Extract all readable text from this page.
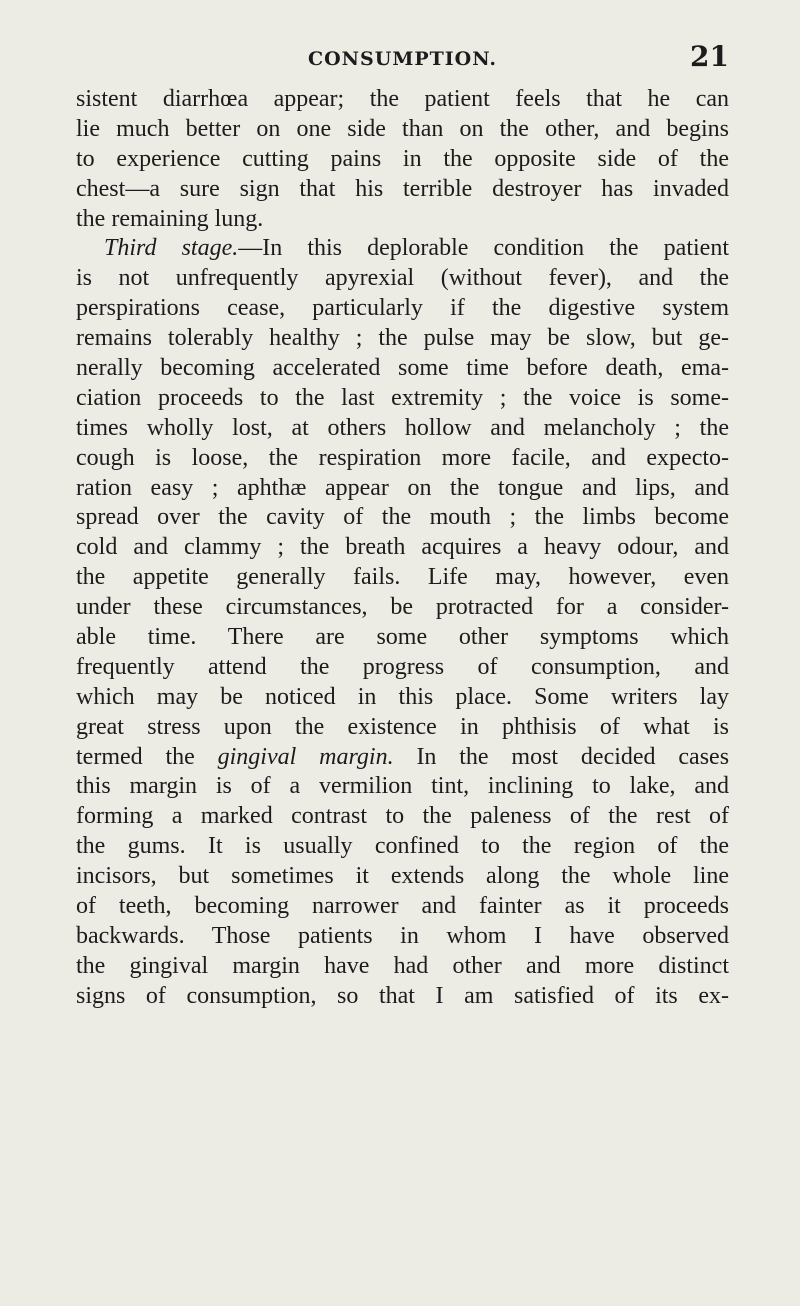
CONSUMPTION.	21
sistent diarrhœa appear; the patient feels that he can
lie much better on one side than on the other, and begins
to experience cutting pains in the opposite side of the
chest—a sure sign that his terrible destroyer has invaded
the remaining lung.
Third stage.—In this deplorable condition the patient
is not unfrequently apyrexial (without fever), and the
perspirations cease, particularly if the digestive system
remains tolerably healthy ; the pulse may be slow, but ge-
nerally becoming accelerated some time before death, ema-
ciation proceeds to the last extremity ; the voice is some-
times wholly lost, at others hollow and melancholy ; the
cough is loose, the respiration more facile, and expecto-
ration easy ; aphthæ appear on the tongue and lips, and
spread over the cavity of the mouth ; the limbs become
cold and clammy ; the breath acquires a heavy odour, and
the appetite generally fails. Life may, however, even
under these circumstances, be protracted for a consider-
able time. There are some other symptoms which
frequently attend the progress of consumption, and
which may be noticed in this place. Some writers lay
great stress upon the existence in phthisis of what is
termed the gingival margin. In the most decided cases
this margin is of a vermilion tint, inclining to lake, and
forming a marked contrast to the paleness of the rest of
the gums. It is usually confined to the region of the
incisors, but sometimes it extends along the whole line
of teeth, becoming narrower and fainter as it proceeds
backwards. Those patients in whom I have observed
the gingival margin have had other and more distinct
signs of consumption, so that I am satisfied of its ex-
